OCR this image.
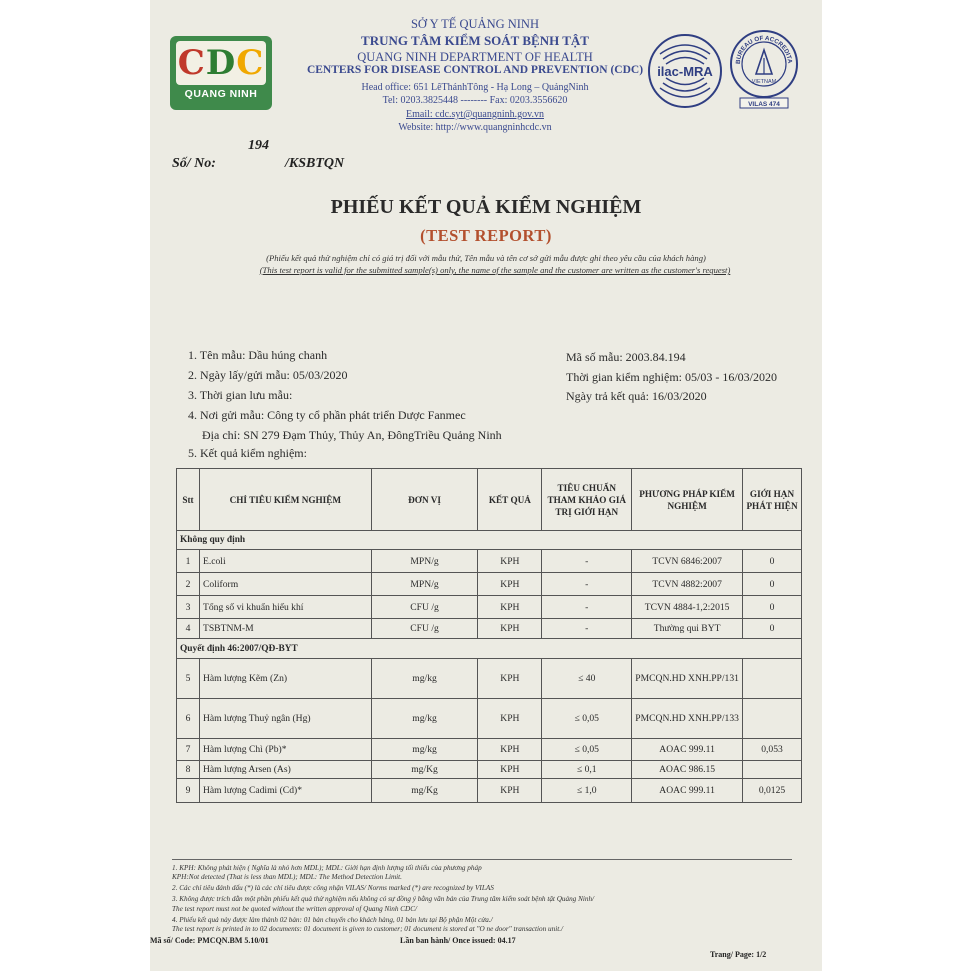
C D C
QUANG NINH
SỞ Y TẾ QUẢNG NINH
TRUNG TÂM KIỂM SOÁT BỆNH TẬT
QUANG NINH DEPARTMENT OF HEALTH
CENTERS FOR DISEASE CONTROL AND PREVENTION (CDC)
Head office: 651 LêThánhTông - Hạ Long – QuảngNinh
Tel: 0203.3825448 -------- Fax: 0203.3556620
Email: cdc.syt@quangninh.gov.vn
Website: http://www.quangninhcdc.vn
ilac-MRA
BUREAU OF ACCREDITA
VIETNAM
VILAS 474
194
Số/ No:	/KSBTQN
PHIẾU KẾT QUẢ KIỂM NGHIỆM
(TEST REPORT)
(Phiếu kết quả thử nghiệm chỉ có giá trị đối với mẫu thử, Tên mẫu và tên cơ sở gửi mẫu được ghi theo yêu cầu của khách hàng)
(This test report is valid for the submitted sample(s) only, the name of the sample and the customer are written as the customer's request)
1. Tên mẫu: Dầu húng chanh
2. Ngày lấy/gửi mẫu: 05/03/2020
3. Thời gian lưu mẫu:
4. Nơi gửi mẫu: Công ty cổ phần phát triển Dược Fanmec
Địa chỉ: SN 279 Đạm Thủy, Thủy An, ĐôngTriều Quảng Ninh
5. Kết quả kiểm nghiệm:
Mã số mẫu: 2003.84.194
Thời gian kiểm nghiệm: 05/03 - 16/03/2020
Ngày trả kết quả: 16/03/2020
Stt	CHỈ TIÊU KIỂM NGHIỆM	ĐƠN VỊ	KẾT QUẢ	TIÊU CHUẨN THAM KHẢO GIÁ TRỊ GIỚI HẠN	PHƯƠNG PHÁP KIỂM NGHIỆM	GIỚI HẠN PHÁT HIỆN
Không quy định						
1	E.coli	MPN/g	KPH	-	TCVN 6846:2007	0
2	Coliform	MPN/g	KPH	-	TCVN 4882:2007	0
3	Tổng số vi khuẩn hiếu khí	CFU /g	KPH	-	TCVN 4884-1,2:2015	0
4	TSBTNM-M	CFU /g	KPH	-	Thường qui BYT	0
Quyết định 46:2007/QĐ-BYT						
5	Hàm lượng Kẽm (Zn)	mg/kg	KPH	≤ 40	PMCQN.HD XNH.PP/131	
6	Hàm lượng Thuỷ ngân (Hg)	mg/kg	KPH	≤ 0,05	PMCQN.HD XNH.PP/133	
7	Hàm lượng Chì (Pb)*	mg/kg	KPH	≤ 0,05	AOAC 999.11	0,053
8	Hàm lượng Arsen (As)	mg/Kg	KPH	≤ 0,1	AOAC 986.15	
9	Hàm lượng Cadimi (Cd)*	mg/Kg	KPH	≤ 1,0	AOAC 999.11	0,0125
1. KPH: Không phát hiện ( Nghĩa là nhỏ hơn MDL); MDL: Giới hạn định lượng tối thiểu của phương pháp
KPH:Not detected (That is less than MDL); MDL: The Method Detection Limit.
2. Các chỉ tiêu đánh dấu (*) là các chỉ tiêu được công nhận VILAS/ Norms marked (*) are recognized by VILAS
3. Không được trích dẫn một phần phiếu kết quả thử nghiệm nếu không có sự đồng ý bằng văn bản của Trung tâm kiểm soát bệnh tật Quảng Ninh/
The test report must not be quoted without the written approval of Quang Ninh CDC/
4. Phiếu kết quả này được làm thành 02 bản: 01 bản chuyển cho khách hàng, 01 bản lưu tại Bộ phận Một cửa./
The test report is printed in to 02 documents: 01 document is given to customer; 01 document is stored at "O ne door" transaction unit./
Mã số/ Code: PMCQN.BM 5.10/01	Lần ban hành/ Once issued: 04.17
Trang/ Page: 1/2
